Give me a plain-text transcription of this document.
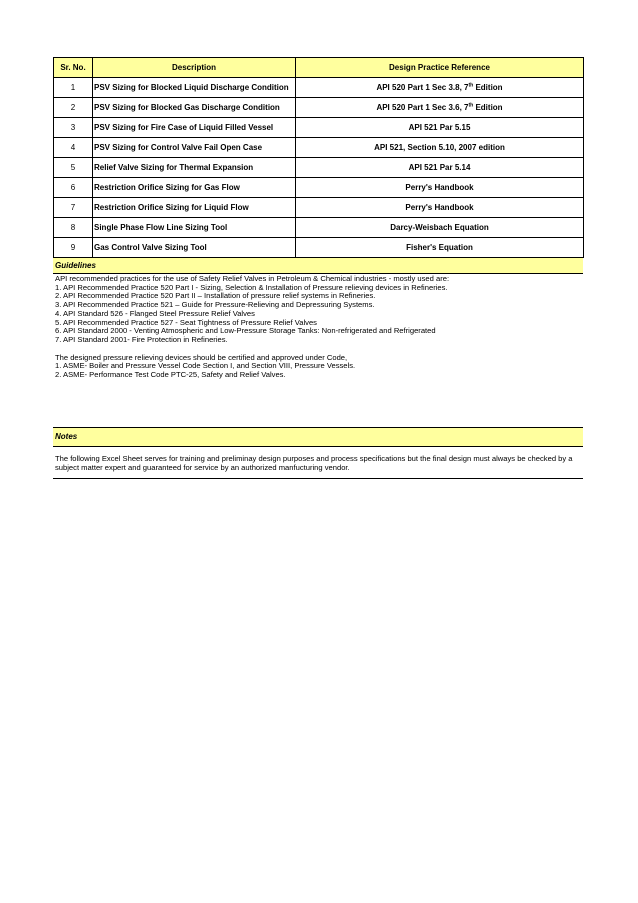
Sr. No.	Description	Design Practice Reference
1	PSV Sizing for Blocked Liquid Discharge Condition	API 520 Part 1 Sec 3.8, 7th Edition
2	PSV Sizing for Blocked Gas Discharge Condition	API 520 Part 1 Sec 3.6, 7th Edition
3	PSV Sizing for Fire Case of Liquid Filled Vessel	API 521 Par 5.15
4	PSV Sizing for Control Valve Fail Open Case	API 521, Section 5.10, 2007 edition
5	Relief Valve Sizing for Thermal Expansion	API 521 Par 5.14
6	Restriction Orifice Sizing for Gas Flow	Perry's Handbook
7	Restriction Orifice Sizing for Liquid Flow	Perry's Handbook
8	Single Phase Flow Line Sizing Tool	Darcy-Weisbach Equation
9	Gas Control Valve Sizing Tool	Fisher's Equation
Guidelines
API recommended practices for the use of Safety Relief Valves in Petroleum & Chemical industries - mostly used are:
1. API Recommended Practice 520 Part I - Sizing, Selection & Installation of Pressure relieving devices in Refineries.
2. API Recommended Practice 520 Part II – Installation of pressure relief systems in Refineries.
3. API Recommended Practice 521 – Guide for Pressure-Relieving and Depressuring Systems.
4. API Standard 526 - Flanged Steel Pressure Relief Valves
5. API Recommended Practice 527 - Seat Tightness of Pressure Relief Valves
6. API Standard 2000 - Venting Atmospheric and Low-Pressure Storage Tanks: Non-refrigerated and Refrigerated
7. API Standard 2001- Fire Protection in Refineries.
The designed pressure relieving devices should be certified and approved under Code,
1. ASME- Boiler and Pressure Vessel Code Section I, and Section VIII, Pressure Vessels.
2. ASME- Performance Test Code PTC-25, Safety and Relief Valves.
Notes
The following Excel Sheet serves for training and preliminay design purposes and process specifications but the final design must always be checked by a subject matter expert and guaranteed for service by an authorized manfucturing vendor.
